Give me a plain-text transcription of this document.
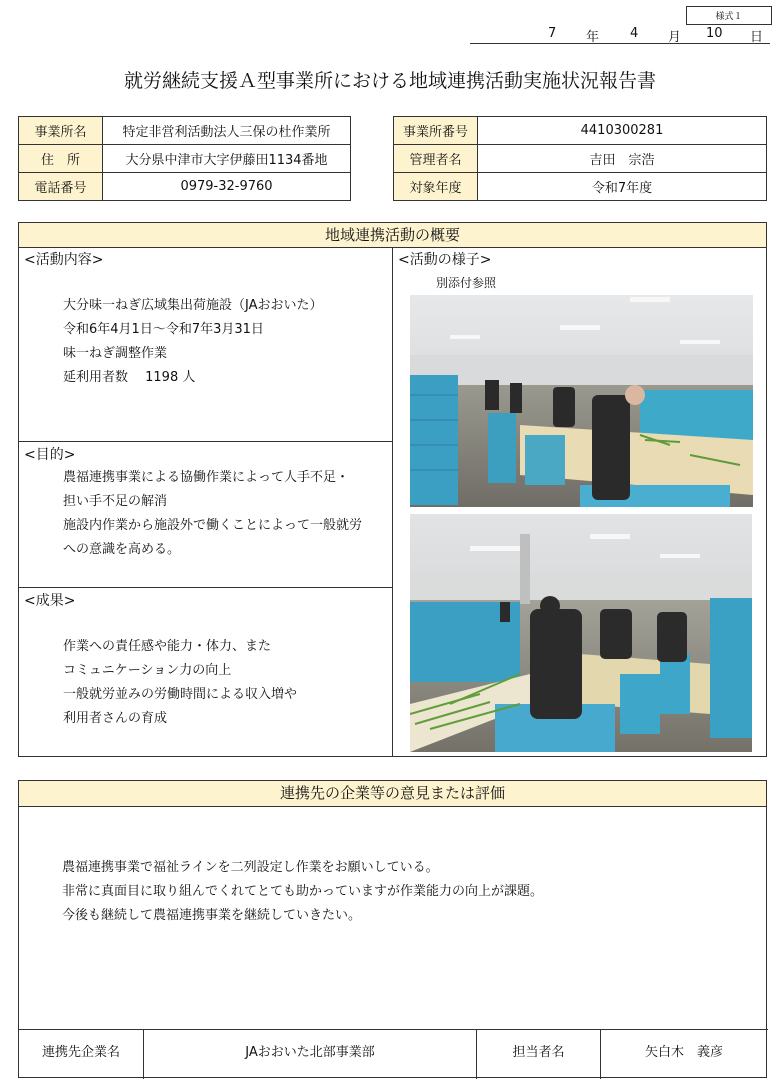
様式１
7 年 4 月 10 日
就労継続支援Ａ型事業所における地域連携活動実施状況報告書
事業所名	特定非営利活動法人三保の杜作業所
住　所	大分県中津市大字伊藤田1134番地
電話番号	0979-32-9760
事業所番号	4410300281
管理者名	吉田　宗浩
対象年度	令和7年度
地域連携活動の概要
<活動内容>
大分味一ねぎ広域集出荷施設（JAおおいた）
令和6年4月1日～令和7年3月31日
味一ねぎ調整作業
延利用者数　 1198 人
<目的>
農福連携事業による協働作業によって人手不足・
担い手不足の解消
施設内作業から施設外で働くことによって一般就労
への意識を高める。
<成果>
作業への責任感や能力・体力、また
コミュニケーション力の向上
一般就労並みの労働時間による収入増や
利用者さんの育成
<活動の様子>
別添付参照
連携先の企業等の意見または評価
農福連携事業で福祉ラインを二列設定し作業をお願いしている。
非常に真面目に取り組んでくれてとても助かっていますが作業能力の向上が課題。
今後も継続して農福連携事業を継続していきたい。
連携先企業名	JAおおいた北部事業部	担当者名	矢白木　義彦
